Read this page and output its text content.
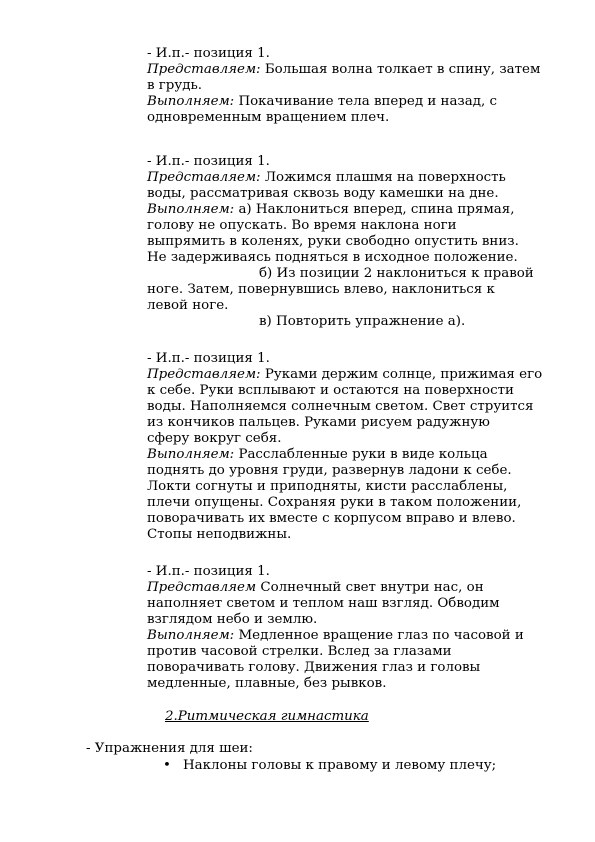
- И.п.- позиция 1.

Представляем: Большая волна толкает в спину, затем

в грудь.

Выполняем: Покачивание тела вперед и назад, с

одновременным вращением плеч.

- И.п.- позиция 1.

Представляем: Ложимся плашмя на поверхность

воды, рассматривая сквозь воду камешки на дне.

Выполняем: а) Наклониться вперед, спина прямая,

голову не опускать. Во время наклона ноги

выпрямить в коленях, руки свободно опустить вниз.

Не задерживаясь подняться в исходное положение.

б) Из позиции 2 наклониться к правой

ноге. Затем, повернувшись влево, наклониться к

левой ноге.

в) Повторить упражнение а).

- И.п.- позиция 1.

Представляем: Руками держим солнце, прижимая его

к себе. Руки всплывают и остаются на поверхности

воды. Наполняемся солнечным светом. Свет струится

из кончиков пальцев. Руками рисуем радужную

сферу вокруг себя.

Выполняем: Расслабленные руки в виде кольца

поднять до уровня груди, развернув ладони к себе.

Локти согнуты и приподняты, кисти расслаблены,

плечи опущены. Сохраняя руки в таком положении,

поворачивать их вместе с корпусом вправо и влево.

Стопы неподвижны.

- И.п.- позиция 1.

Представляем Солнечный свет внутри нас, он

наполняет светом и теплом наш взгляд. Обводим

взглядом небо и землю.

Выполняем: Медленное вращение глаз по часовой и

против часовой стрелки. Вслед за глазами

поворачивать голову. Движения глаз и головы

медленные, плавные, без рывков.

2.Ритмическая гимнастика
- Упражнения для шеи:
• Наклоны головы к правому и левому плечу;
